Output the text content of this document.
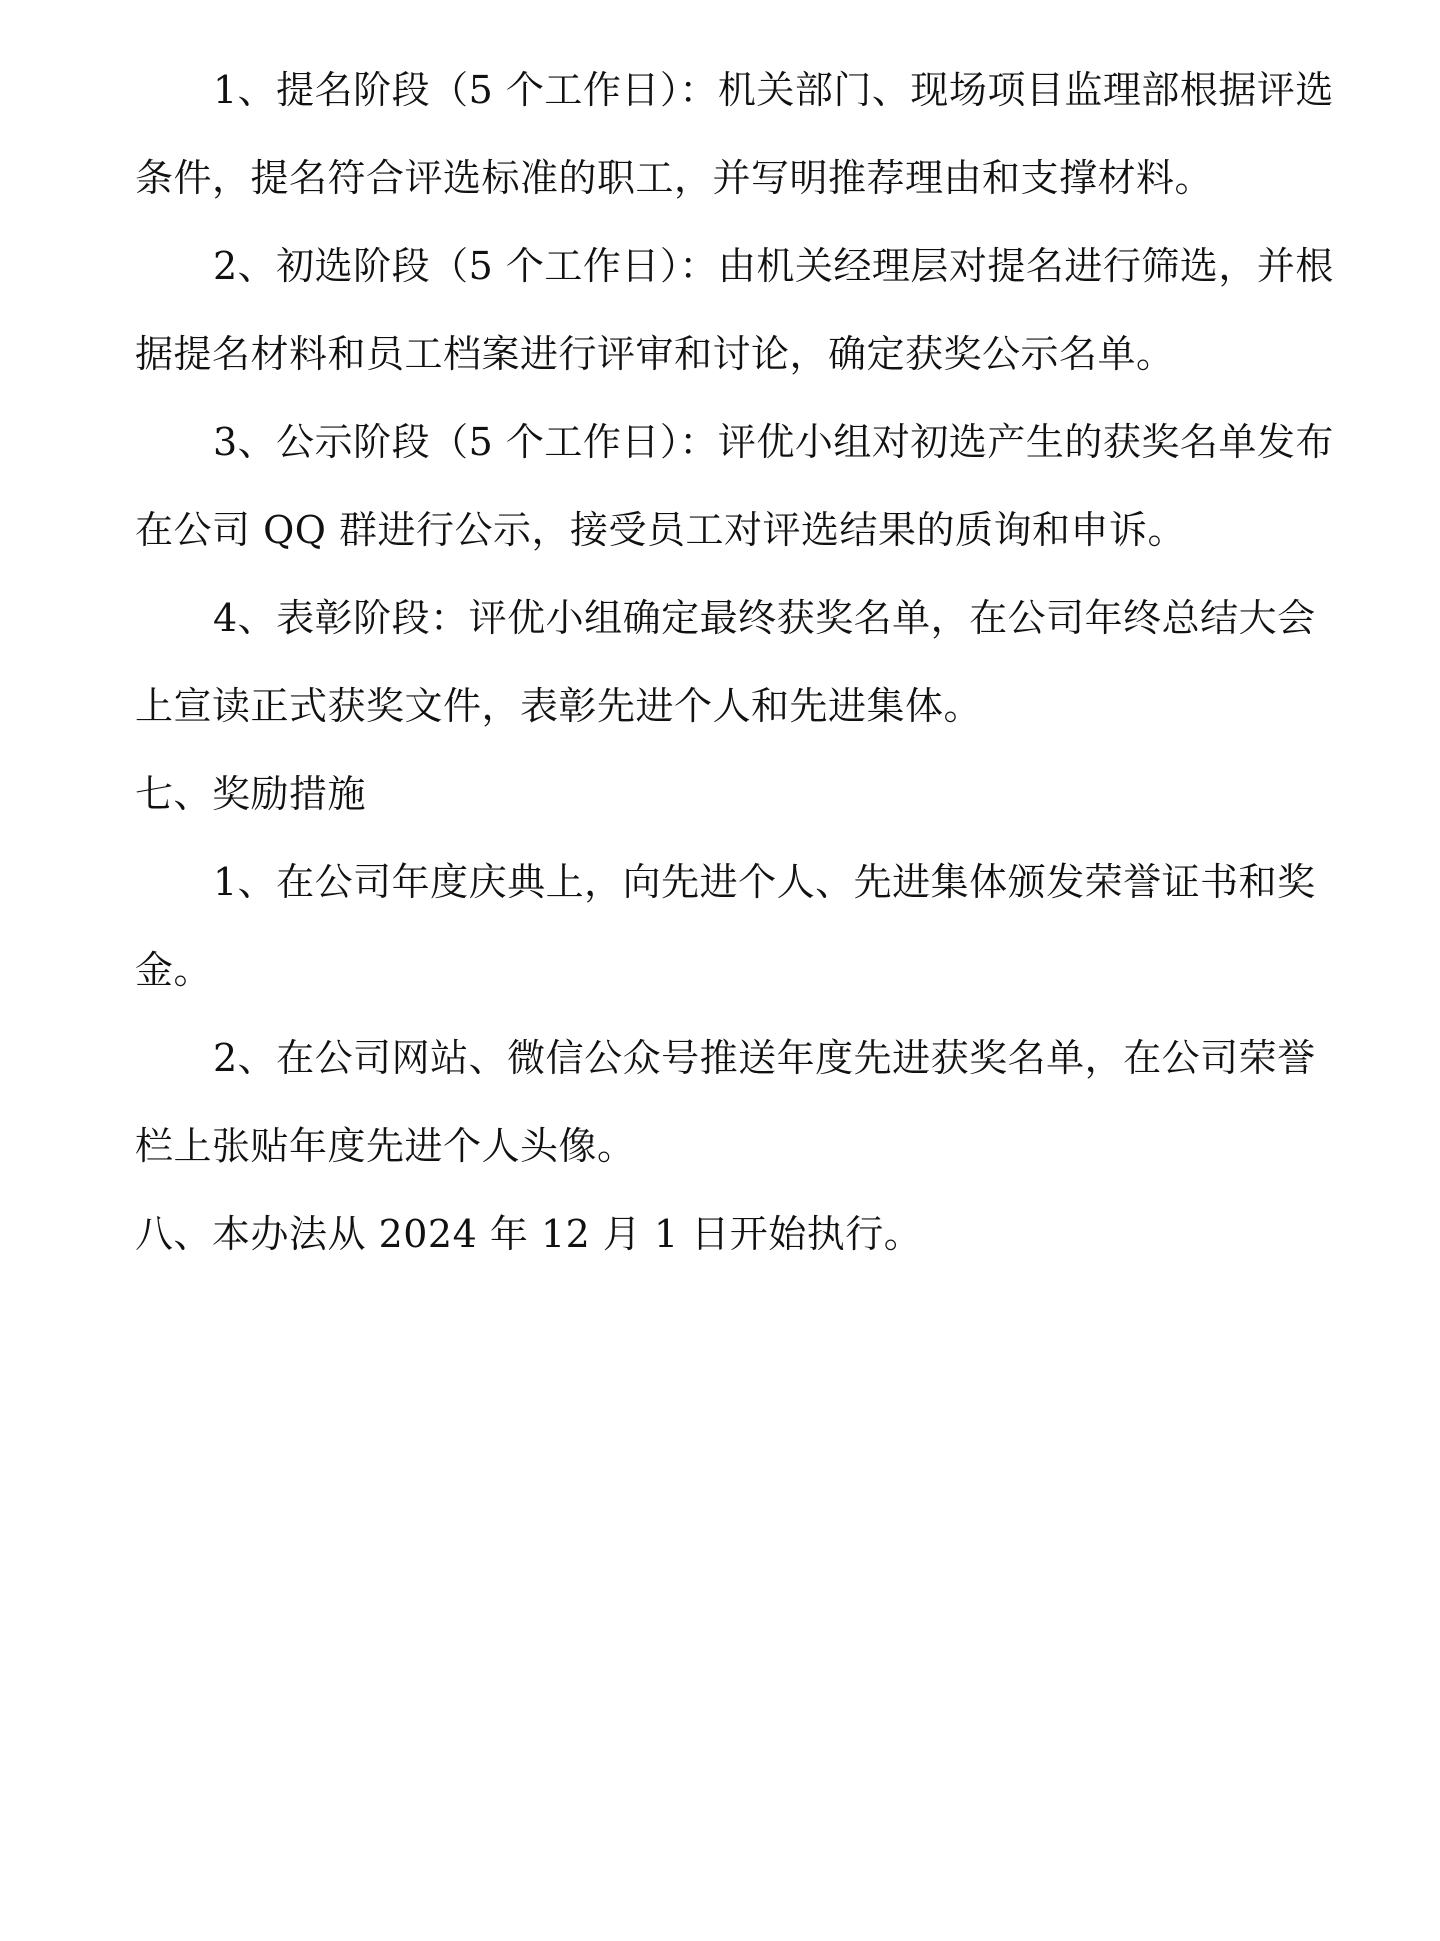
1、提名阶段（5 个工作日）：机关部门、现场项目监理部根据评选
条件，提名符合评选标准的职工，并写明推荐理由和支撑材料。
2、初选阶段（5 个工作日）：由机关经理层对提名进行筛选，并根
据提名材料和员工档案进行评审和讨论，确定获奖公示名单。
3、公示阶段（5 个工作日）：评优小组对初选产生的获奖名单发布
在公司 QQ 群进行公示，接受员工对评选结果的质询和申诉。
4、表彰阶段：评优小组确定最终获奖名单，在公司年终总结大会
上宣读正式获奖文件，表彰先进个人和先进集体。
七、奖励措施
1、在公司年度庆典上，向先进个人、先进集体颁发荣誉证书和奖
金。
2、在公司网站、微信公众号推送年度先进获奖名单，在公司荣誉
栏上张贴年度先进个人头像。
八、本办法从 2024 年 12 月 1 日开始执行。
